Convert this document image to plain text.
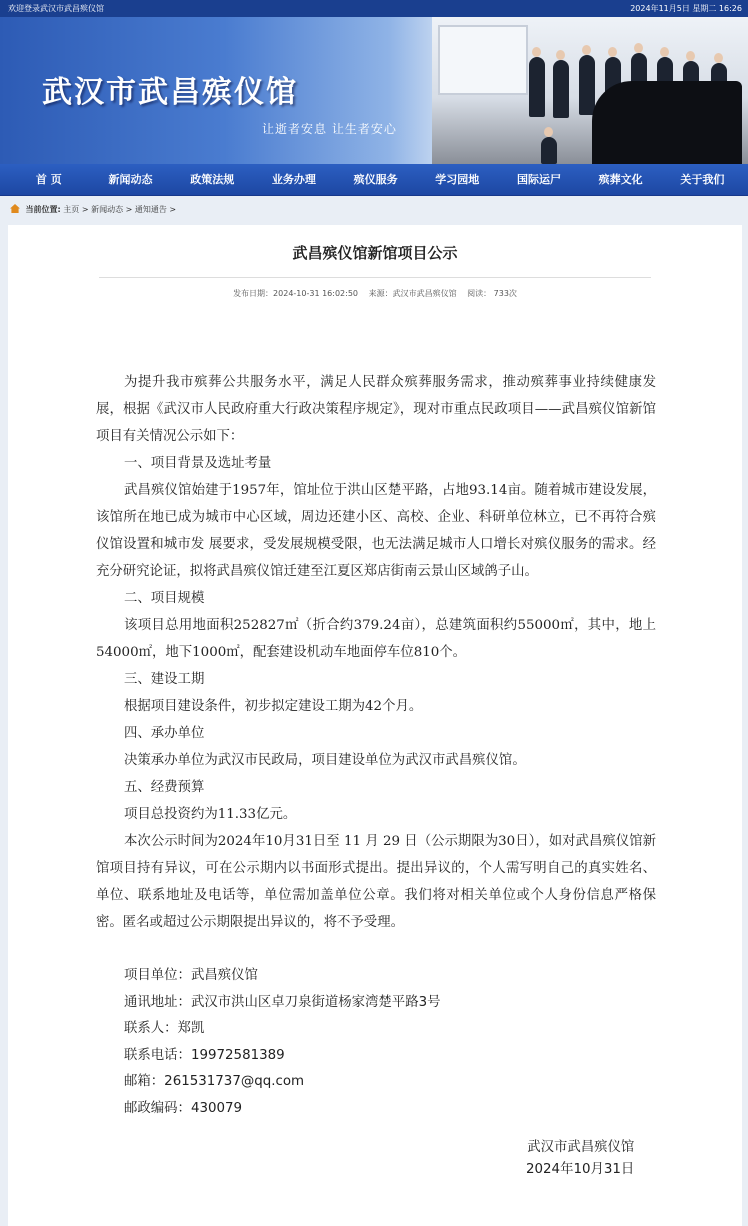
欢迎登录武汉市武昌殡仪馆	2024年11月5日 星期二 16:26
武汉市武昌殡仪馆
让逝者安息 让生者安心
首 页	新闻动态	政策法规	业务办理	殡仪服务	学习园地	国际运尸	殡葬文化	关于我们
当前位置: 主页 > 新闻动态 > 通知通告 >
武昌殡仪馆新馆项目公示
发布日期：2024-10-31 16:02:50 来源：武汉市武昌殡仪馆 阅读： 733次

为提升我市殡葬公共服务水平，满足人民群众殡葬服务需求，推动殡葬事业持续健康发展，根据《武汉市人民政府重大行政决策程序规定》，现对市重点民政项目——武昌殡仪馆新馆项目有关情况公示如下：

一、项目背景及选址考量

武昌殡仪馆始建于1957年，馆址位于洪山区楚平路，占地93.14亩。随着城市建设发展，该馆所在地已成为城市中心区域，周边还建小区、高校、企业、科研单位林立，已不再符合殡仪馆设置和城市发 展要求，受发展规模受限，也无法满足城市人口增长对殡仪服务的需求。经充分研究论证，拟将武昌殡仪馆迁建至江夏区郑店街南云景山区域鸽子山。

二、项目规模

该项目总用地面积252827㎡（折合约379.24亩），总建筑面积约55000㎡，其中，地上54000㎡，地下1000㎡，配套建设机动车地面停车位810个。

三、建设工期

根据项目建设条件，初步拟定建设工期为42个月。

四、承办单位

决策承办单位为武汉市民政局，项目建设单位为武汉市武昌殡仪馆。

五、经费预算

项目总投资约为11.33亿元。

本次公示时间为2024年10月31日至 11 月 29 日（公示期限为30日），如对武昌殡仪馆新馆项目持有异议，可在公示期内以书面形式提出。提出异议的，个人需写明自己的真实姓名、单位、联系地址及电话等，单位需加盖单位公章。我们将对相关单位或个人身份信息严格保密。匿名或超过公示期限提出异议的，将不予受理。

项目单位：武昌殡仪馆
通讯地址：武汉市洪山区卓刀泉街道杨家湾楚平路3号
联系人：郑凯
联系电话：19972581389
邮箱：261531737@qq.com
邮政编码：430079
武汉市武昌殡仪馆
2024年10月31日
